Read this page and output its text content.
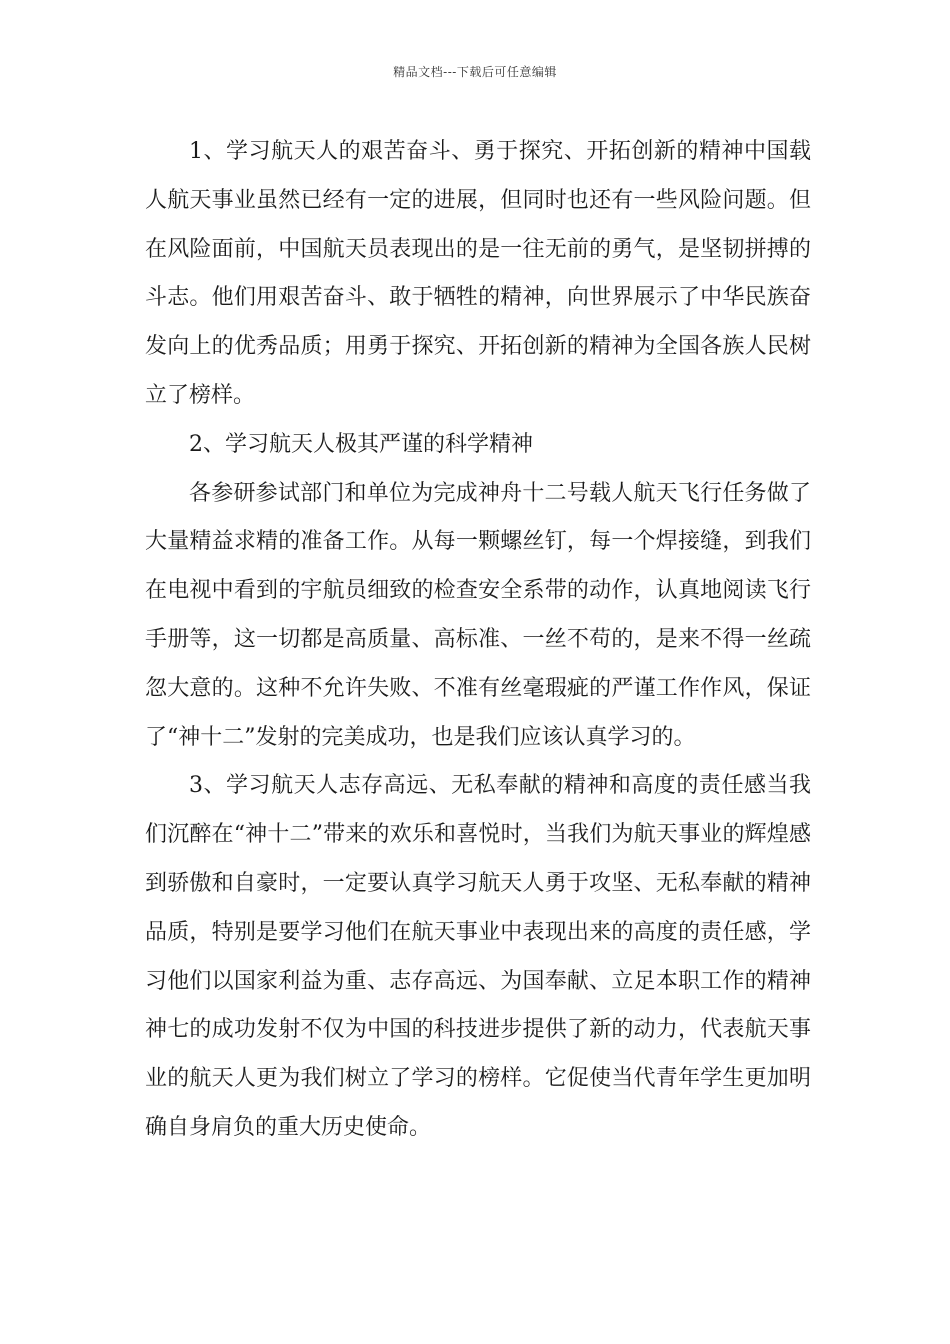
精品文档---下载后可任意编辑

1、学习航天人的艰苦奋斗、勇于探究、开拓创新的精神中国载人航天事业虽然已经有一定的进展，但同时也还有一些风险问题。但在风险面前，中国航天员表现出的是一往无前的勇气，是坚韧拼搏的斗志。他们用艰苦奋斗、敢于牺牲的精神，向世界展示了中华民族奋发向上的优秀品质；用勇于探究、开拓创新的精神为全国各族人民树立了榜样。

2、学习航天人极其严谨的科学精神

各参研参试部门和单位为完成神舟十二号载人航天飞行任务做了大量精益求精的准备工作。从每一颗螺丝钉，每一个焊接缝，到我们在电视中看到的宇航员细致的检查安全系带的动作，认真地阅读飞行手册等，这一切都是高质量、高标准、一丝不苟的，是来不得一丝疏忽大意的。这种不允许失败、不准有丝毫瑕疵的严谨工作作风，保证了“神十二”发射的完美成功，也是我们应该认真学习的。

3、学习航天人志存高远、无私奉献的精神和高度的责任感当我们沉醉在“神十二”带来的欢乐和喜悦时，当我们为航天事业的辉煌感到骄傲和自豪时，一定要认真学习航天人勇于攻坚、无私奉献的精神品质，特别是要学习他们在航天事业中表现出来的高度的责任感，学习他们以国家利益为重、志存高远、为国奉献、立足本职工作的精神神七的成功发射不仅为中国的科技进步提供了新的动力，代表航天事业的航天人更为我们树立了学习的榜样。它促使当代青年学生更加明确自身肩负的重大历史使命。
